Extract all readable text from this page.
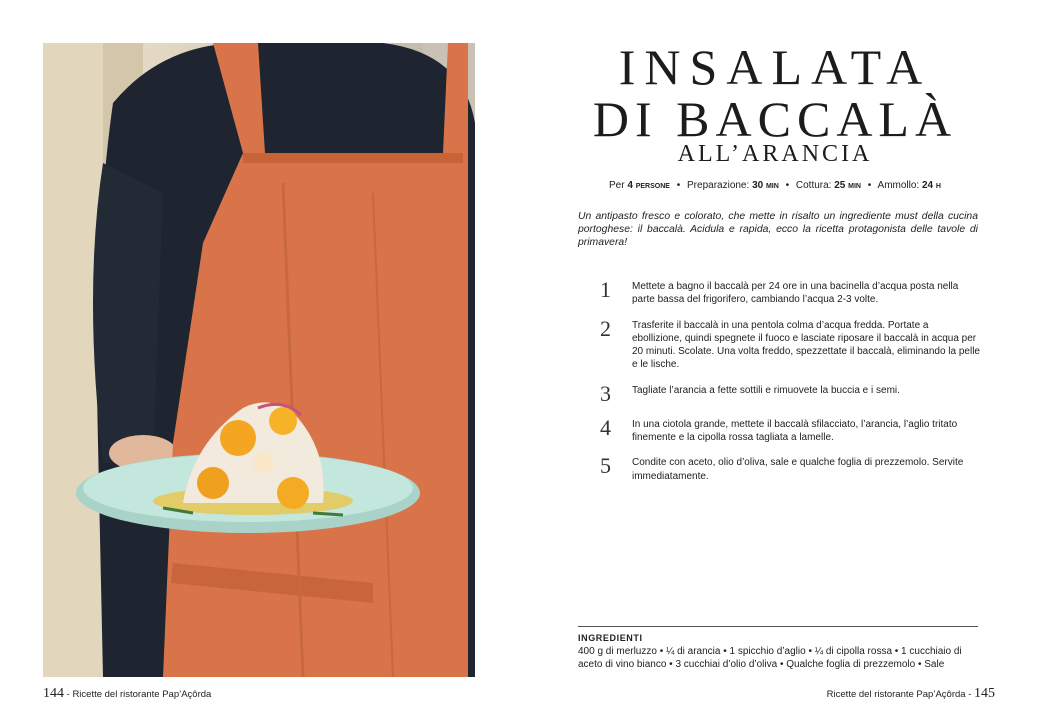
INSALATA
DI BACCALÀ
ALL’ARANCIA
Per 4 persone • Preparazione: 30 min • Cottura: 25 min • Ammollo: 24 h

Un antipasto fresco e colorato, che mette in risalto un ingrediente must della cucina portoghese: il baccalà. Acidula e rapida, ecco la ricetta protagonista delle tavole di primavera!

1	Mettete a bagno il baccalà per 24 ore in una bacinella d’acqua posta nella parte bassa del frigorifero, cambiando l’acqua 2-3 volte.
2	Trasferite il baccalà in una pentola colma d’acqua fredda. Portate a ebollizione, quindi spegnete il fuoco e lasciate riposare il baccalà in acqua per 20 minuti. Scolate. Una volta freddo, spezzettate il baccalà, eliminando la pelle e le lische.
3	Tagliate l’arancia a fette sottili e rimuovete la buccia e i semi.
4	In una ciotola grande, mettete il baccalà sfilacciato, l’arancia, l’aglio tritato finemente e la cipolla rossa tagliata a lamelle.
5	Condite con aceto, olio d’oliva, sale e qualche foglia di prezzemolo. Servite immediatamente.
INGREDIENTI

400 g di merluzzo • ¼ di arancia • 1 spicchio d’aglio • ¼ di cipolla rossa • 1 cucchiaio di aceto di vino bianco • 3 cucchiai d’olio d’oliva • Qualche foglia di prezzemolo • Sale

144 - Ricette del ristorante Pap’Açôrda	Ricette del ristorante Pap’Açôrda - 145
